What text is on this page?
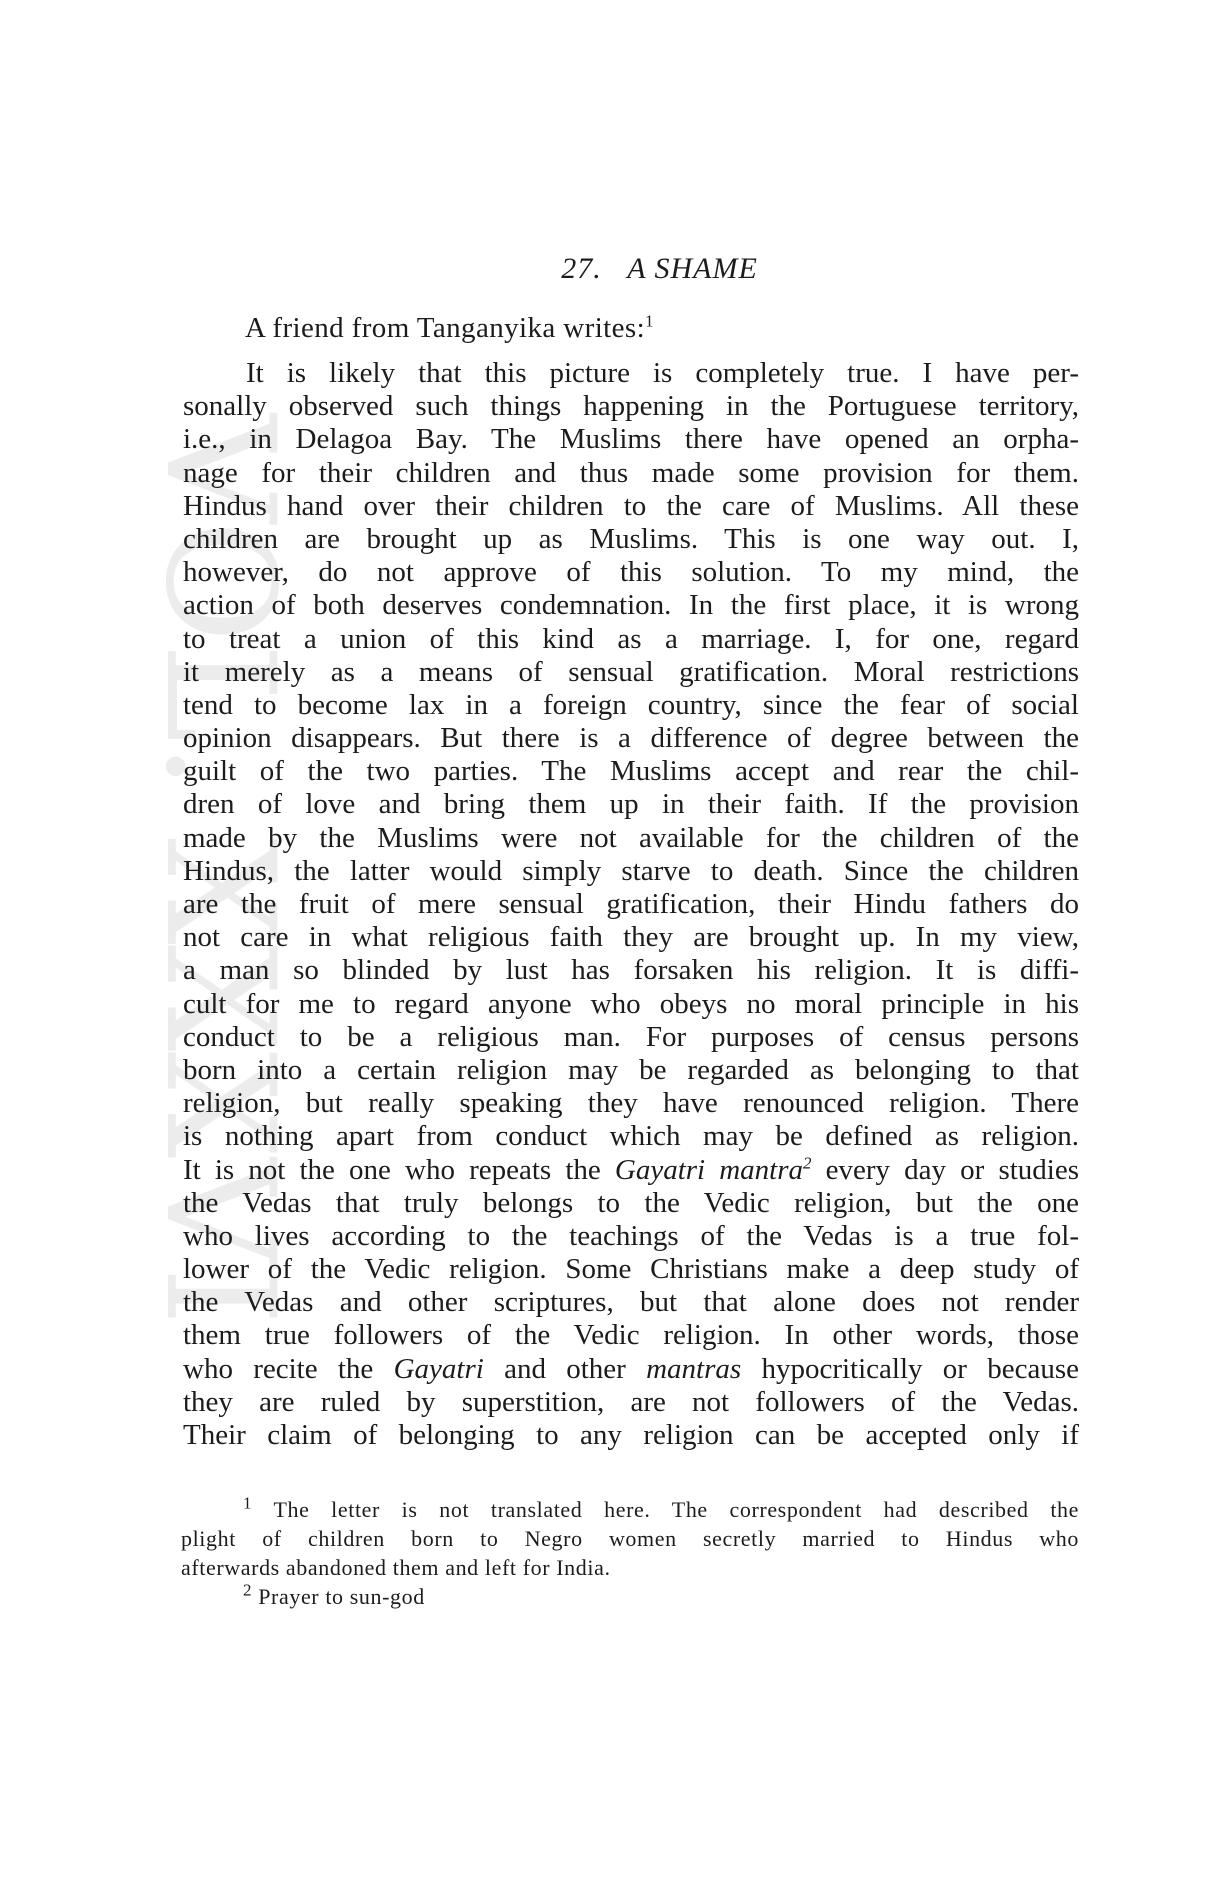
VOL. XXXVI
27. A SHAME
A friend from Tanganyika writes:$^1$
It is likely that this picture is completely true. I have per-
sonally observed such things happening in the Portuguese territory,
i.e., in Delagoa Bay. The Muslims there have opened an orpha-
nage for their children and thus made some provision for them.
Hindus hand over their children to the care of Muslims. All these
children are brought up as Muslims. This is one way out. I,
however, do not approve of this solution. To my mind, the
action of both deserves condemnation. In the first place, it is wrong
to treat a union of this kind as a marriage. I, for one, regard
it merely as a means of sensual gratification. Moral restrictions
tend to become lax in a foreign country, since the fear of social
opinion disappears. But there is a difference of degree between the
guilt of the two parties. The Muslims accept and rear the chil-
dren of love and bring them up in their faith. If the provision
made by the Muslims were not available for the children of the
Hindus, the latter would simply starve to death. Since the children
are the fruit of mere sensual gratification, their Hindu fathers do
not care in what religious faith they are brought up. In my view,
a man so blinded by lust has forsaken his religion. It is diffi-
cult for me to regard anyone who obeys no moral principle in his
conduct to be a religious man. For purposes of census persons
born into a certain religion may be regarded as belonging to that
religion, but really speaking they have renounced religion. There
is nothing apart from conduct which may be defined as religion.
It is not the one who repeats the Gayatri mantra$^2$ every day or studies
the Vedas that truly belongs to the Vedic religion, but the one
who lives according to the teachings of the Vedas is a true fol-
lower of the Vedic religion. Some Christians make a deep study of
the Vedas and other scriptures, but that alone does not render
them true followers of the Vedic religion. In other words, those
who recite the Gayatri and other mantras hypocritically or because
they are ruled by superstition, are not followers of the Vedas.
Their claim of belonging to any religion can be accepted only if
$^1$ The letter is not translated here. The correspondent had described the
plight of children born to Negro women secretly married to Hindus who
afterwards abandoned them and left for India.
$^2$ Prayer to sun-god
